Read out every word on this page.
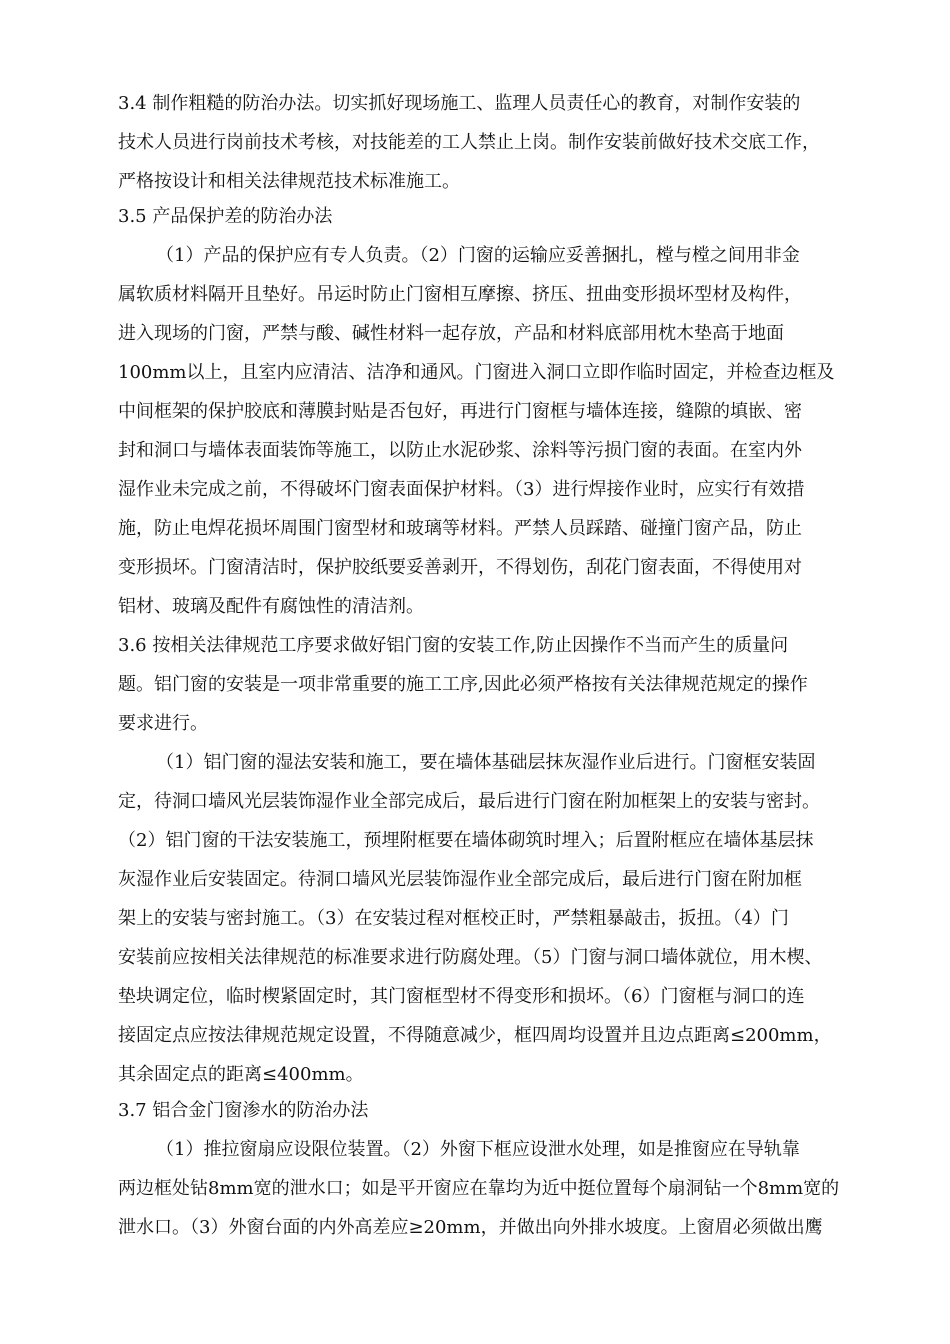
3.4 制作粗糙的防治办法。切实抓好现场施工、监理人员责任心的教育，对制作安装的
技术人员进行岗前技术考核，对技能差的工人禁止上岗。制作安装前做好技术交底工作，
严格按设计和相关法律规范技术标准施工。
3.5 产品保护差的防治办法
（1）产品的保护应有专人负责。（2）门窗的运输应妥善捆扎，樘与樘之间用非金
属软质材料隔开且垫好。吊运时防止门窗相互摩擦、挤压、扭曲变形损坏型材及构件，
进入现场的门窗，严禁与酸、碱性材料一起存放，产品和材料底部用枕木垫高于地面
100mm以上，且室内应清洁、洁净和通风。门窗进入洞口立即作临时固定，并检查边框及
中间框架的保护胶底和薄膜封贴是否包好，再进行门窗框与墙体连接，缝隙的填嵌、密
封和洞口与墙体表面装饰等施工，以防止水泥砂浆、涂料等污损门窗的表面。在室内外
湿作业未完成之前，不得破坏门窗表面保护材料。（3）进行焊接作业时，应实行有效措
施，防止电焊花损坏周围门窗型材和玻璃等材料。严禁人员踩踏、碰撞门窗产品，防止
变形损坏。门窗清洁时，保护胶纸要妥善剥开，不得划伤，刮花门窗表面，不得使用对
铝材、玻璃及配件有腐蚀性的清洁剂。
3.6 按相关法律规范工序要求做好铝门窗的安装工作,防止因操作不当而产生的质量问
题。铝门窗的安装是一项非常重要的施工工序,因此必须严格按有关法律规范规定的操作
要求进行。
（1）铝门窗的湿法安装和施工，要在墙体基础层抹灰湿作业后进行。门窗框安装固
定，待洞口墙风光层装饰湿作业全部完成后，最后进行门窗在附加框架上的安装与密封。
（2）铝门窗的干法安装施工，预埋附框要在墙体砌筑时埋入；后置附框应在墙体基层抹
灰湿作业后安装固定。待洞口墙风光层装饰湿作业全部完成后，最后进行门窗在附加框
架上的安装与密封施工。（3）在安装过程对框校正时，严禁粗暴敲击，扳扭。（4）门
安装前应按相关法律规范的标准要求进行防腐处理。（5）门窗与洞口墙体就位，用木楔、
垫块调定位，临时楔紧固定时，其门窗框型材不得变形和损坏。（6）门窗框与洞口的连
接固定点应按法律规范规定设置，不得随意减少，框四周均设置并且边点距离≤200mm，
其余固定点的距离≤400mm。
3.7 铝合金门窗渗水的防治办法
（1）推拉窗扇应设限位装置。（2）外窗下框应设泄水处理，如是推窗应在导轨靠
两边框处钻8mm宽的泄水口；如是平开窗应在靠均为近中挺位置每个扇洞钻一个8mm宽的
泄水口。（3）外窗台面的内外高差应≥20mm，并做出向外排水坡度。上窗眉必须做出鹰
